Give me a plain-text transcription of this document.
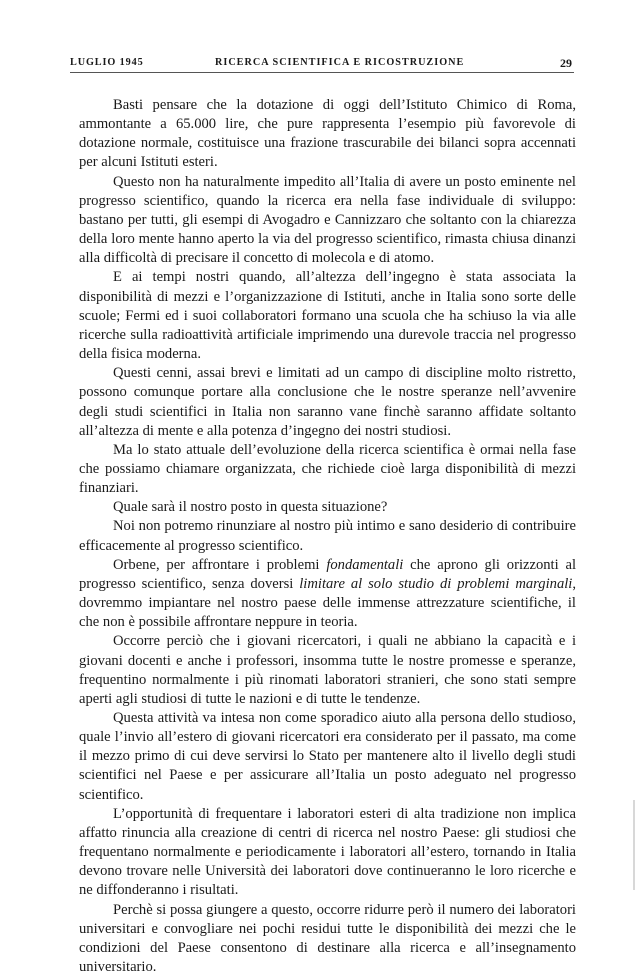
LUGLIO 1945	RICERCA SCIENTIFICA E RICOSTRUZIONE	29

Basti pensare che la dotazione di oggi dell’Istituto Chimico di Roma, ammontante a 65.000 lire, che pure rappresenta l’esempio più favorevole di dotazione normale, costituisce una frazione trascurabile dei bilanci sopra accennati per alcuni Istituti esteri.

Questo non ha naturalmente impedito all’Italia di avere un posto eminente nel progresso scientifico, quando la ricerca era nella fase individuale di sviluppo: bastano per tutti, gli esempi di Avogadro e Cannizzaro che soltanto con la chiarezza della loro mente hanno aperto la via del progresso scientifico, rimasta chiusa dinanzi alla difficoltà di precisare il concetto di molecola e di atomo.

E ai tempi nostri quando, all’altezza dell’ingegno è stata associata la disponibilità di mezzi e l’organizzazione di Istituti, anche in Italia sono sorte delle scuole; Fermi ed i suoi collaboratori formano una scuola che ha schiuso la via alle ricerche sulla radioattività artificiale imprimendo una durevole traccia nel progresso della fisica moderna.

Questi cenni, assai brevi e limitati ad un campo di discipline molto ristretto, possono comunque portare alla conclusione che le nostre speranze nell’avvenire degli studi scientifici in Italia non saranno vane finchè saranno affidate soltanto all’altezza di mente e alla potenza d’ingegno dei nostri studiosi.

Ma lo stato attuale dell’evoluzione della ricerca scientifica è ormai nella fase che possiamo chiamare organizzata, che richiede cioè larga disponibilità di mezzi finanziari.

Quale sarà il nostro posto in questa situazione?

Noi non potremo rinunziare al nostro più intimo e sano desiderio di contribuire efficacemente al progresso scientifico.

Orbene, per affrontare i problemi fondamentali che aprono gli orizzonti al progresso scientifico, senza doversi limitare al solo studio di problemi marginali, dovremmo impiantare nel nostro paese delle immense attrezzature scientifiche, il che non è possibile affrontare neppure in teoria.

Occorre perciò che i giovani ricercatori, i quali ne abbiano la capacità e i giovani docenti e anche i professori, insomma tutte le nostre promesse e speranze, frequentino normalmente i più rinomati laboratori stranieri, che sono stati sempre aperti agli studiosi di tutte le nazioni e di tutte le tendenze.

Questa attività va intesa non come sporadico aiuto alla persona dello studioso, quale l’invio all’estero di giovani ricercatori era considerato per il passato, ma come il mezzo primo di cui deve servirsi lo Stato per mantenere alto il livello degli studi scientifici nel Paese e per assicurare all’Italia un posto adeguato nel progresso scientifico.

L’opportunità di frequentare i laboratori esteri di alta tradizione non implica affatto rinuncia alla creazione di centri di ricerca nel nostro Paese: gli studiosi che frequentano normalmente e periodicamente i laboratori all’estero, tornando in Italia devono trovare nelle Università dei laboratori dove continueranno le loro ricerche e ne diffonderanno i risultati.

Perchè si possa giungere a questo, occorre ridurre però il numero dei laboratori universitari e convogliare nei pochi residui tutte le disponibilità dei mezzi che le condizioni del Paese consentono di destinare alla ricerca e all’insegnamento universitario.
